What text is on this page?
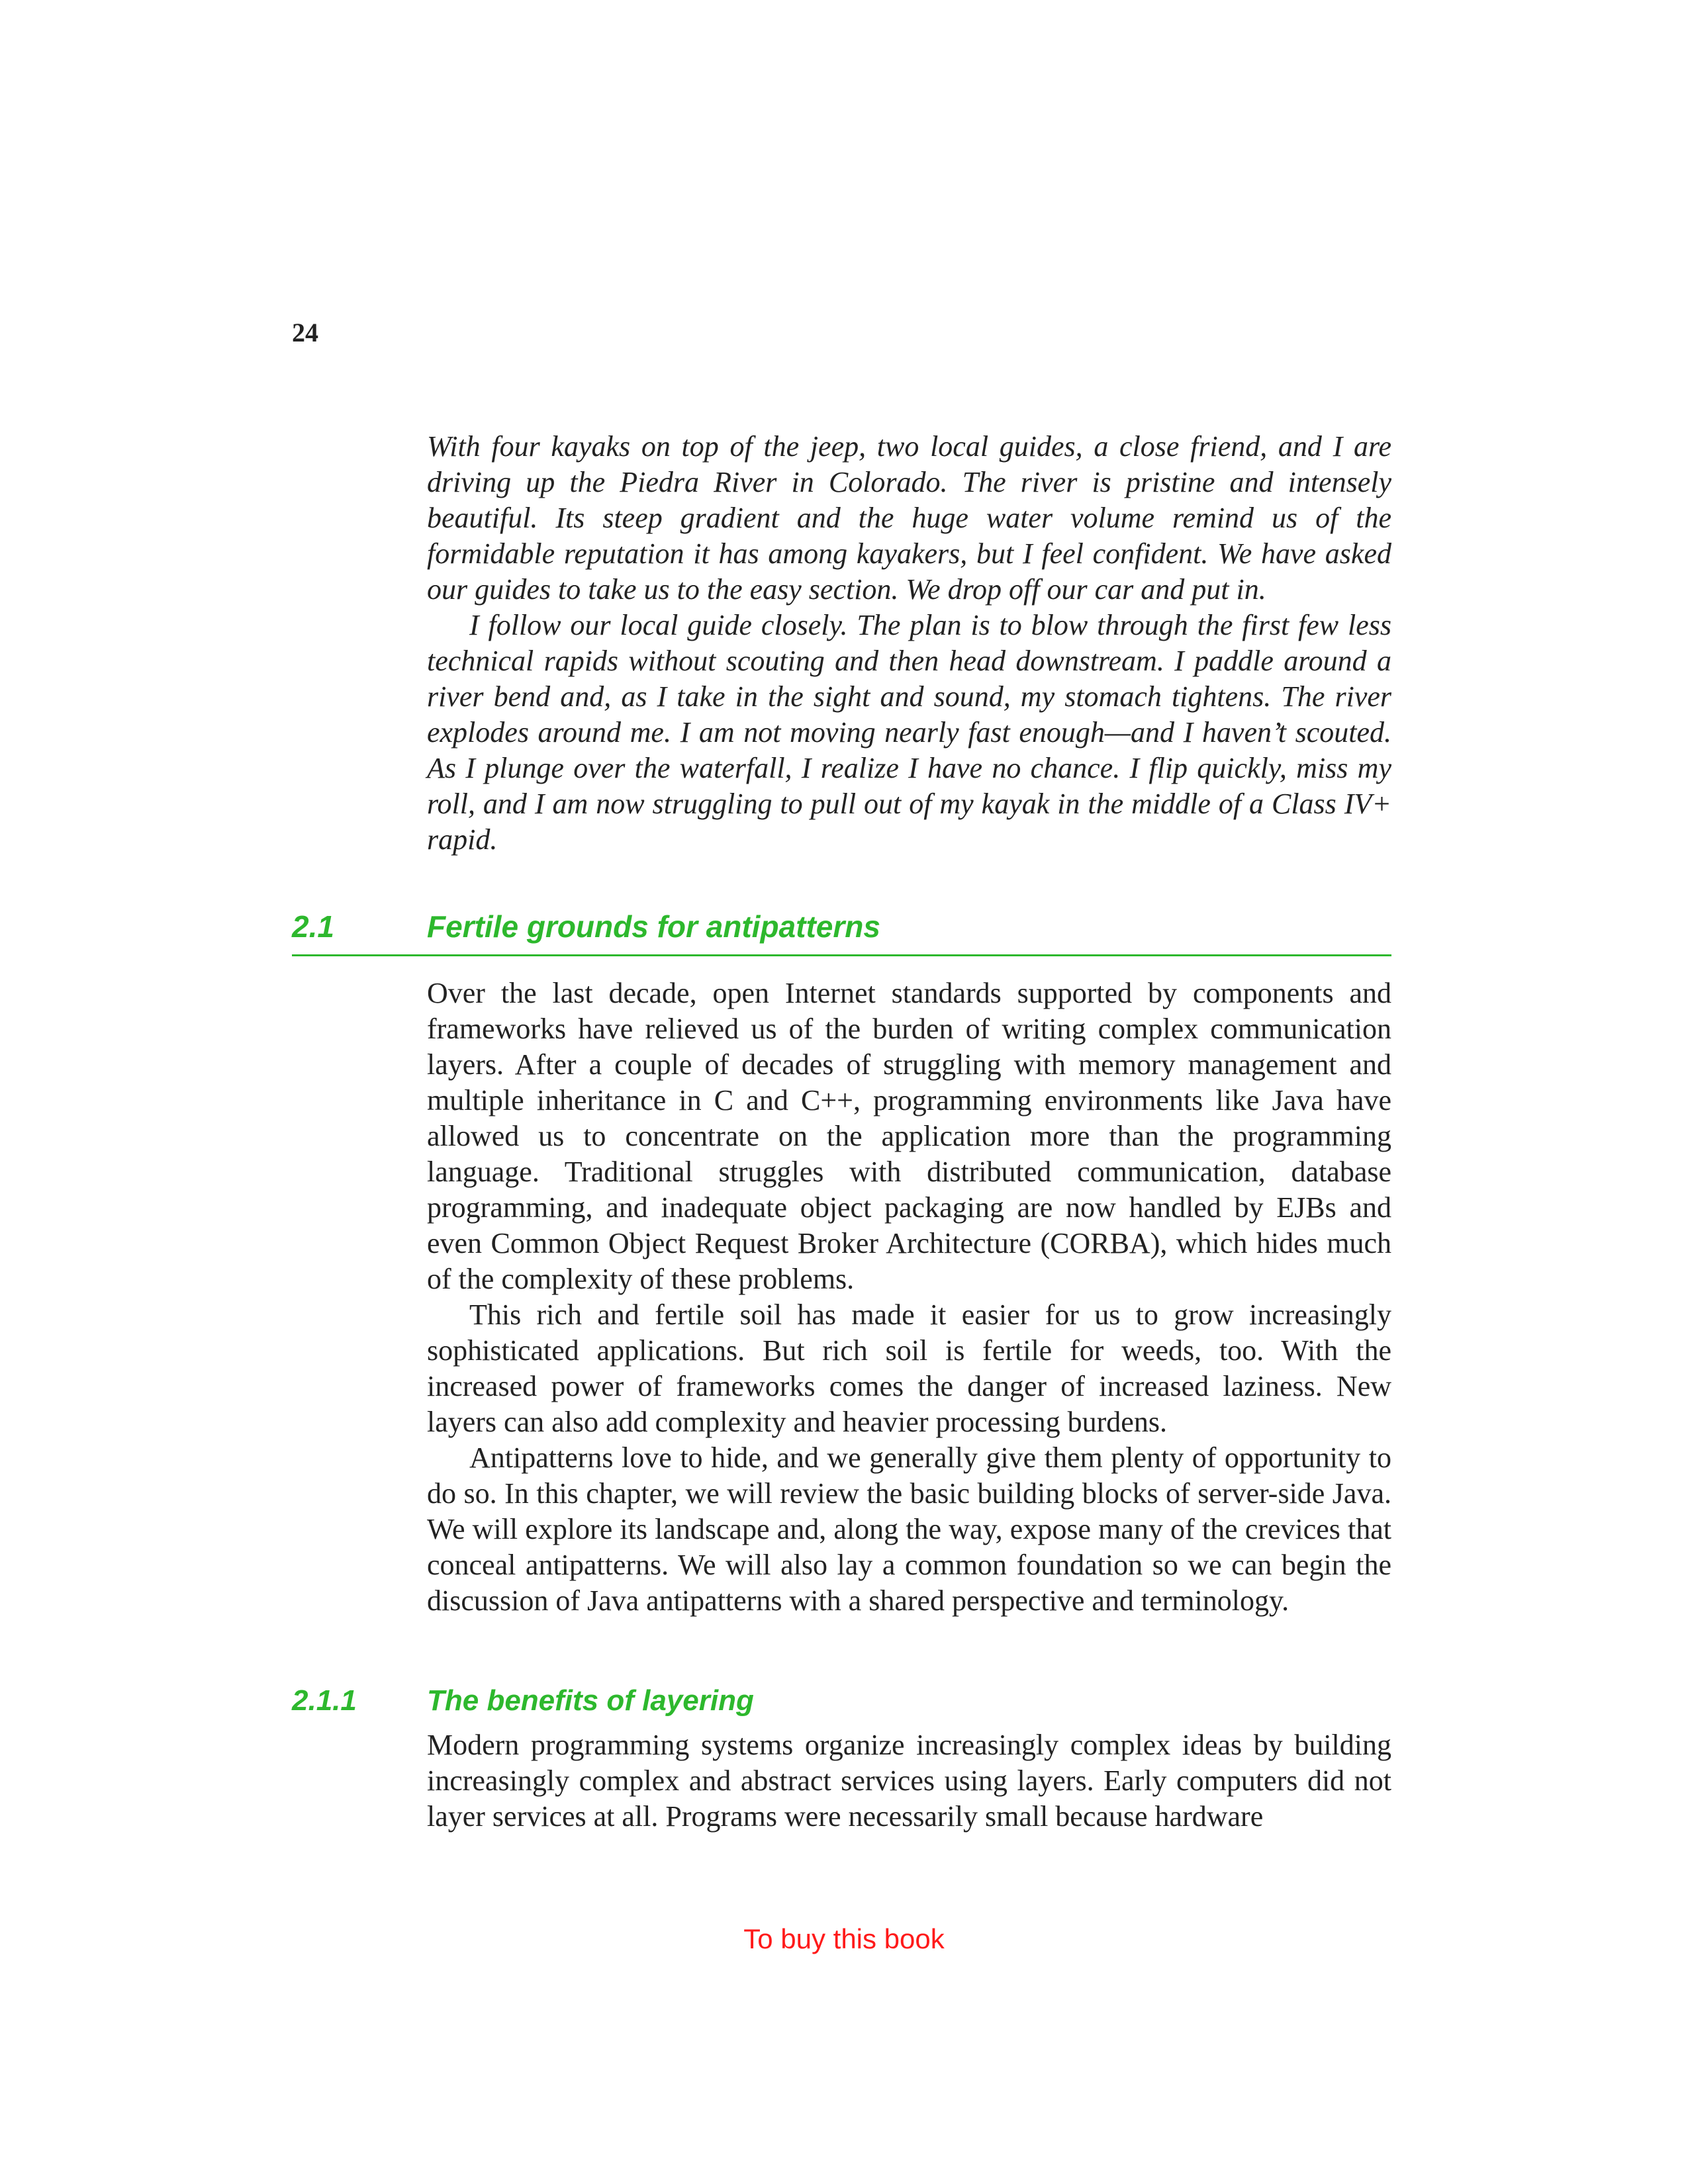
24

With four kayaks on top of the jeep, two local guides, a close friend, and I are driving up the Piedra River in Colorado. The river is pristine and intensely beautiful. Its steep gradient and the huge water volume remind us of the formidable reputation it has among kayakers, but I feel confident. We have asked our guides to take us to the easy section. We drop off our car and put in.

I follow our local guide closely. The plan is to blow through the first few less technical rapids without scouting and then head downstream. I paddle around a river bend and, as I take in the sight and sound, my stomach tightens. The river explodes around me. I am not moving nearly fast enough—and I haven’t scouted. As I plunge over the waterfall, I realize I have no chance. I flip quickly, miss my roll, and I am now struggling to pull out of my kayak in the middle of a Class IV+ rapid.

2.1	Fertile grounds for antipatterns

Over the last decade, open Internet standards supported by components and frameworks have relieved us of the burden of writing complex communication layers. After a couple of decades of struggling with memory management and multiple inheritance in C and C++, programming environments like Java have allowed us to concentrate on the application more than the programming language. Traditional struggles with distributed communication, database programming, and inadequate object packaging are now handled by EJBs and even Common Object Request Broker Architecture (CORBA), which hides much of the complexity of these problems.

This rich and fertile soil has made it easier for us to grow increasingly sophisticated applications. But rich soil is fertile for weeds, too. With the increased power of frameworks comes the danger of increased laziness. New layers can also add complexity and heavier processing burdens.

Antipatterns love to hide, and we generally give them plenty of opportunity to do so. In this chapter, we will review the basic building blocks of server-side Java. We will explore its landscape and, along the way, expose many of the crevices that conceal antipatterns. We will also lay a common foundation so we can begin the discussion of Java antipatterns with a shared perspective and terminology.

2.1.1 The benefits of layering

Modern programming systems organize increasingly complex ideas by building increasingly complex and abstract services using layers. Early computers did not layer services at all. Programs were necessarily small because hardware

To buy this book
